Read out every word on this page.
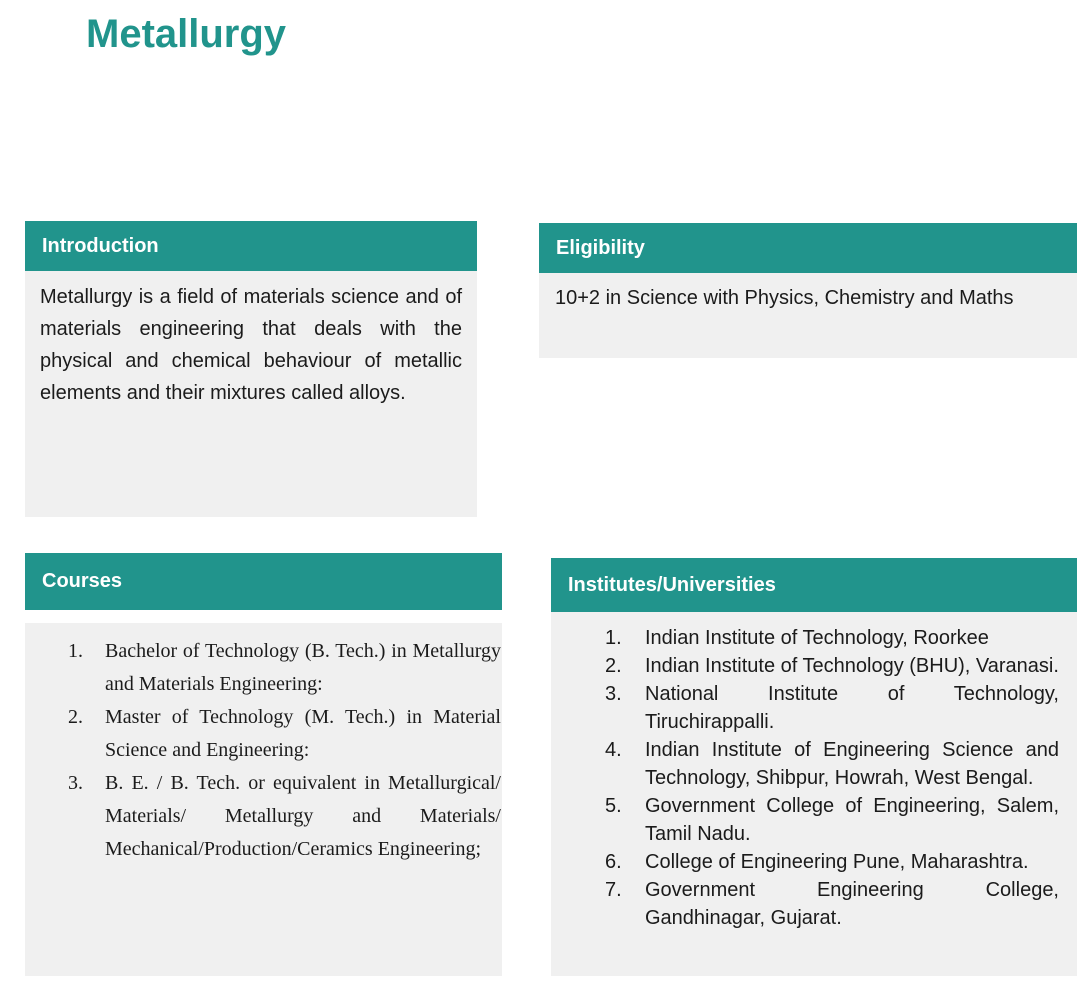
Metallurgy
Introduction
Metallurgy is a field of materials science and of materials engineering that deals with the physical and chemical behaviour of metallic elements and their mixtures called alloys.
Eligibility
10+2 in Science with Physics, Chemistry and Maths
Courses
1.	Bachelor of Technology (B. Tech.) in Metallurgy and Materials Engineering:
2.	Master of Technology (M. Tech.) in Material Science and Engineering:
3.	B. E. / B. Tech. or equivalent in Metallurgical/ Materials/ Metallurgy and Materials/ Mechanical/Production/Ceramics Engineering;
Institutes/Universities
1.	Indian Institute of Technology, Roorkee
2.	Indian Institute of Technology (BHU), Varanasi.
3.	National Institute of Technology, Tiruchirappalli.
4.	Indian Institute of Engineering Science and Technology, Shibpur, Howrah, West Bengal.
5.	Government College of Engineering, Salem, Tamil Nadu.
6.	College of Engineering Pune, Maharashtra.
7.	Government Engineering College, Gandhinagar, Gujarat.
